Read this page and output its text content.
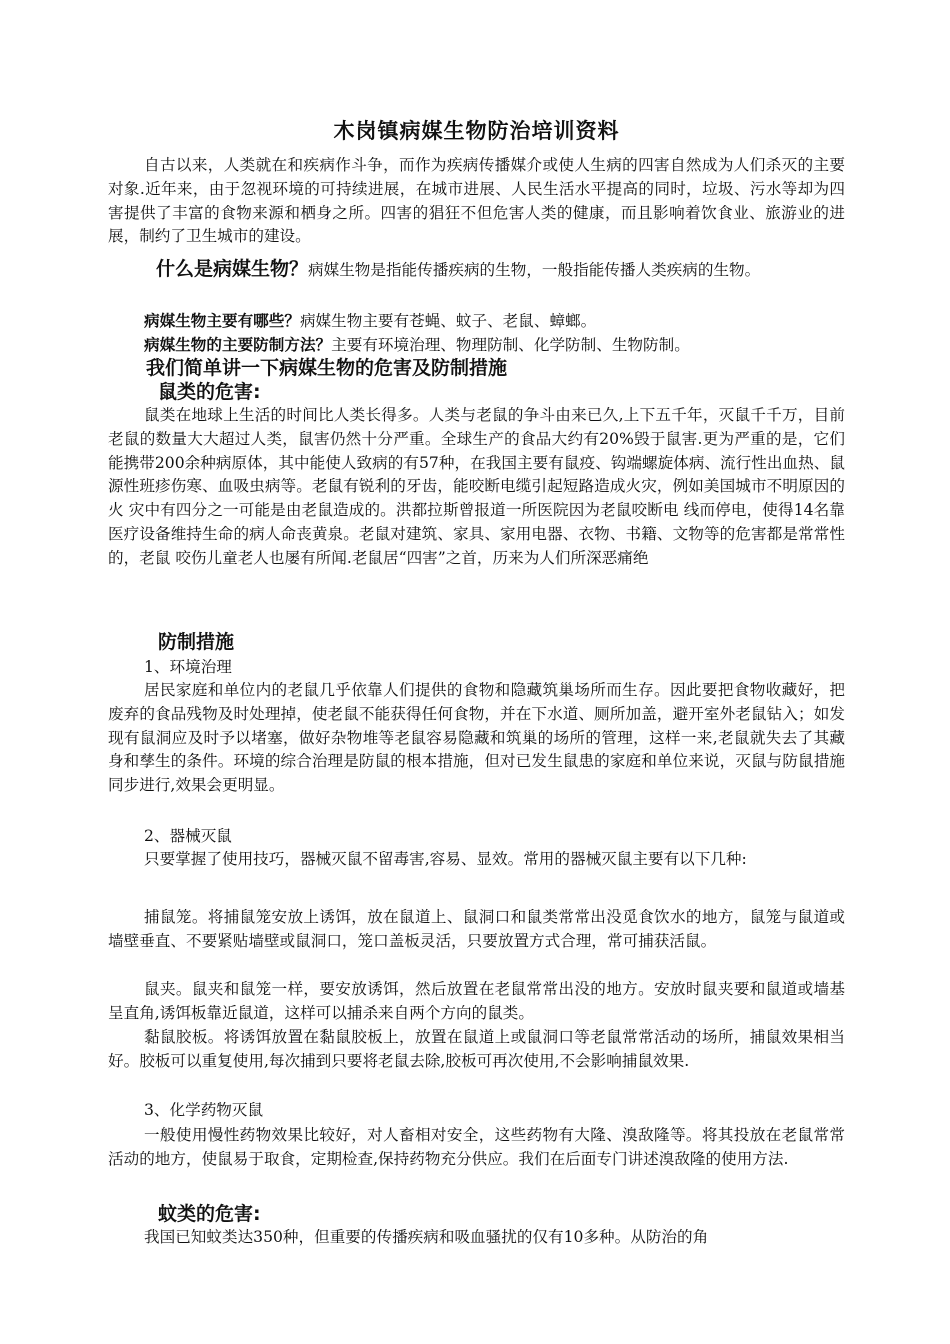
木岗镇病媒生物防治培训资料

自古以来，人类就在和疾病作斗争，而作为疾病传播媒介或使人生病的四害自然成为人们杀灭的主要对象.近年来，由于忽视环境的可持续进展，在城市进展、人民生活水平提高的同时，垃圾、污水等却为四害提供了丰富的食物来源和栖身之所。四害的猖狂不但危害人类的健康，而且影响着饮食业、旅游业的进展，制约了卫生城市的建设。

什么是病媒生物？病媒生物是指能传播疾病的生物，一般指能传播人类疾病的生物。

病媒生物主要有哪些？病媒生物主要有苍蝇、蚊子、老鼠、蟑螂。

病媒生物的主要防制方法？主要有环境治理、物理防制、化学防制、生物防制。

我们简单讲一下病媒生物的危害及防制措施
鼠类的危害:

鼠类在地球上生活的时间比人类长得多。人类与老鼠的争斗由来已久,上下五千年，灭鼠千千万，目前老鼠的数量大大超过人类，鼠害仍然十分严重。全球生产的食品大约有20%毁于鼠害.更为严重的是，它们能携带200余种病原体，其中能使人致病的有57种，在我国主要有鼠疫、钩端螺旋体病、流行性出血热、鼠源性班疹伤寒、血吸虫病等。老鼠有锐利的牙齿，能咬断电缆引起短路造成火灾，例如美国城市不明原因的火 灾中有四分之一可能是由老鼠造成的。洪都拉斯曾报道一所医院因为老鼠咬断电 线而停电，使得14名靠医疗设备维持生命的病人命丧黄泉。老鼠对建筑、家具、家用电器、衣物、书籍、文物等的危害都是常常性的，老鼠 咬伤儿童老人也屡有所闻.老鼠居“四害”之首，历来为人们所深恶痛绝

防制措施
1、环境治理

居民家庭和单位内的老鼠几乎依靠人们提供的食物和隐藏筑巢场所而生存。因此要把食物收藏好，把废弃的食品残物及时处理掉，使老鼠不能获得任何食物，并在下水道、厕所加盖，避开室外老鼠钻入；如发现有鼠洞应及时予以堵塞，做好杂物堆等老鼠容易隐藏和筑巢的场所的管理，这样一来,老鼠就失去了其藏身和孳生的条件。环境的综合治理是防鼠的根本措施，但对已发生鼠患的家庭和单位来说，灭鼠与防鼠措施同步进行,效果会更明显。

2、器械灭鼠

只要掌握了使用技巧，器械灭鼠不留毒害,容易、显效。常用的器械灭鼠主要有以下几种:

捕鼠笼。将捕鼠笼安放上诱饵，放在鼠道上、鼠洞口和鼠类常常出没觅食饮水的地方，鼠笼与鼠道或墙壁垂直、不要紧贴墙壁或鼠洞口，笼口盖板灵活，只要放置方式合理，常可捕获活鼠。

鼠夹。鼠夹和鼠笼一样，要安放诱饵，然后放置在老鼠常常出没的地方。安放时鼠夹要和鼠道或墙基呈直角,诱饵板靠近鼠道，这样可以捕杀来自两个方向的鼠类。

黏鼠胶板。将诱饵放置在黏鼠胶板上，放置在鼠道上或鼠洞口等老鼠常常活动的场所，捕鼠效果相当好。胶板可以重复使用,每次捕到只要将老鼠去除,胶板可再次使用,不会影响捕鼠效果.

3、化学药物灭鼠

一般使用慢性药物效果比较好，对人畜相对安全，这些药物有大隆、溴敌隆等。将其投放在老鼠常常活动的地方，使鼠易于取食，定期检查,保持药物充分供应。我们在后面专门讲述溴敌隆的使用方法.

蚊类的危害:

我国已知蚊类达350种，但重要的传播疾病和吸血骚扰的仅有10多种。从防治的角
